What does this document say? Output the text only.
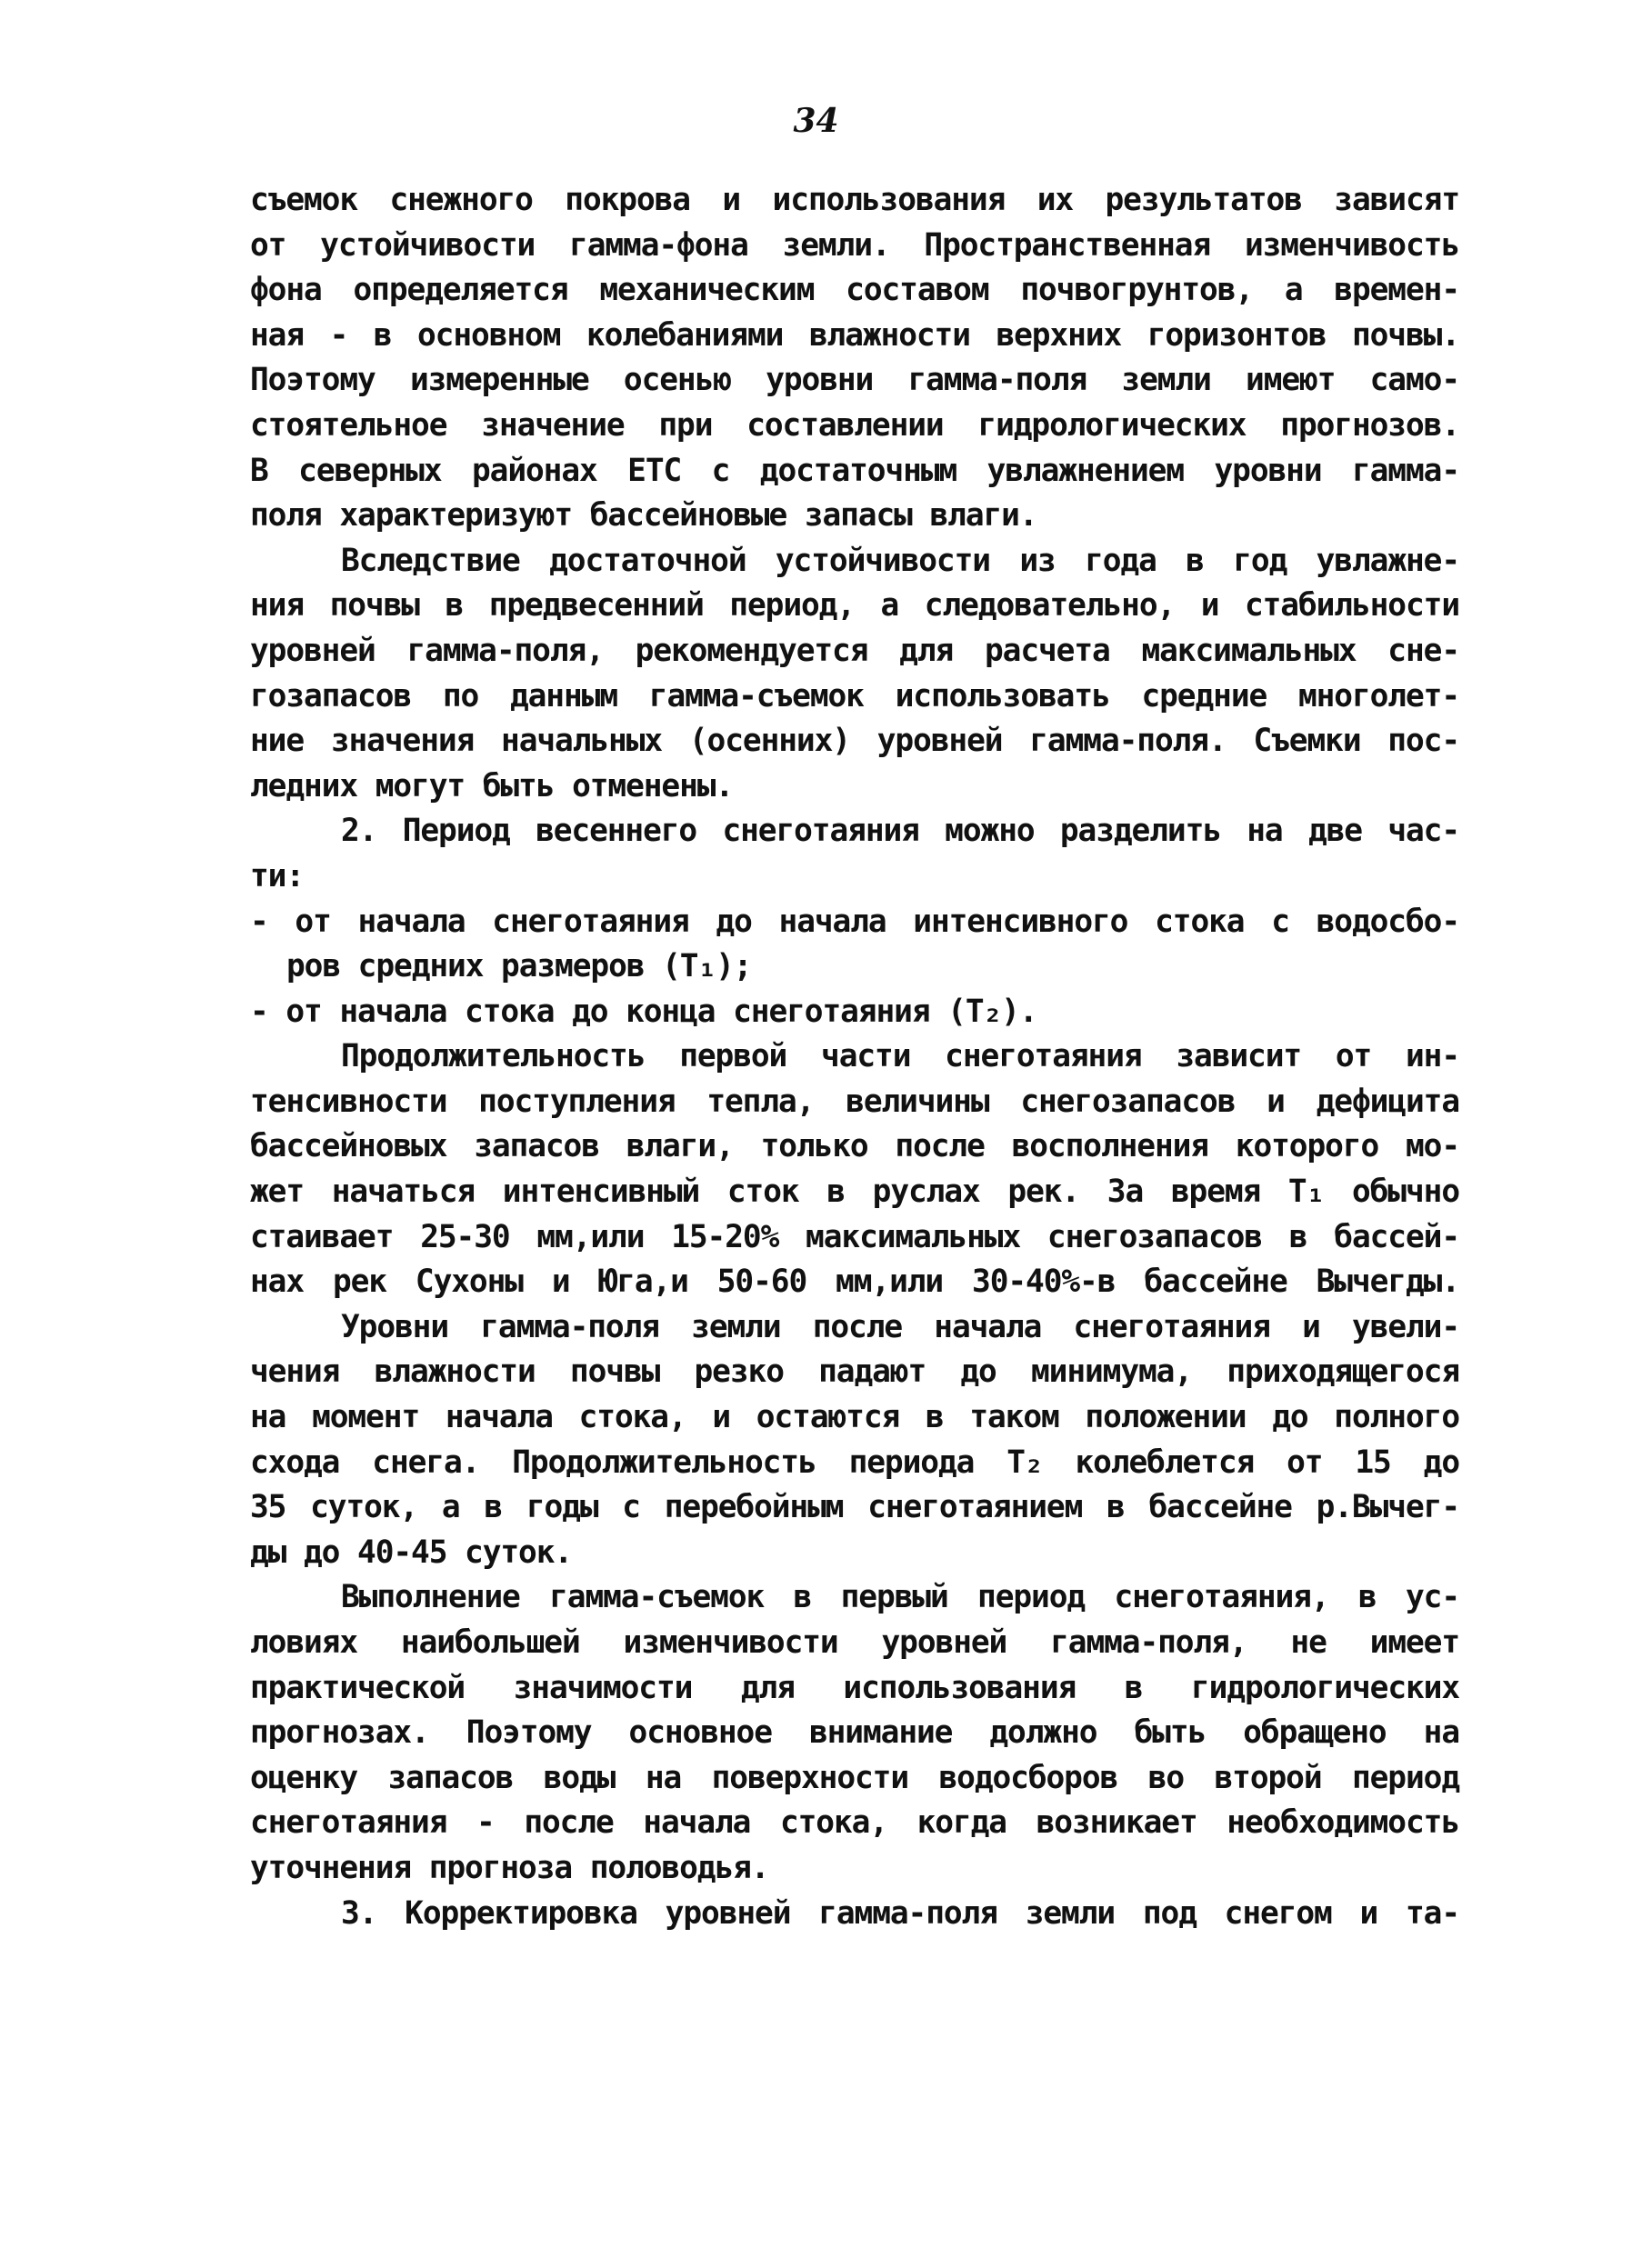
34
съемок снежного покрова и использования их результатов зависят
от устойчивости гамма-фона земли. Пространственная изменчивость
фона определяется механическим составом почвогрунтов, а времен-
ная - в основном колебаниями влажности верхних горизонтов почвы.
Поэтому измеренные осенью уровни гамма-поля земли имеют само-
стоятельное значение при составлении гидрологических прогнозов.
В северных районах ЕТС с достаточным увлажнением уровни гамма-
поля характеризуют бассейновые запасы влаги.
Вследствие достаточной устойчивости из года в год увлажне-
ния почвы в предвесенний период, а следовательно, и стабильности
уровней гамма-поля, рекомендуется для расчета максимальных сне-
гозапасов по данным гамма-съемок использовать средние многолет-
ние значения начальных (осенних) уровней гамма-поля. Съемки пос-
ледних могут быть отменены.
2. Период весеннего снеготаяния можно разделить на две час-
ти:
- от начала снеготаяния до начала интенсивного стока с водосбо-
ров средних размеров (T₁);
- от начала стока до конца снеготаяния (T₂).
Продолжительность первой части снеготаяния зависит от ин-
тенсивности поступления тепла, величины снегозапасов и дефицита
бассейновых запасов влаги, только после восполнения которого мо-
жет начаться интенсивный сток в руслах рек. За время T₁ обычно
стаивает 25-30 мм,или 15-20% максимальных снегозапасов в бассей-
нах рек Сухоны и Юга,и 50-60 мм,или 30-40%-в бассейне Вычегды.
Уровни гамма-поля земли после начала снеготаяния и увели-
чения влажности почвы резко падают до минимума, приходящегося
на момент начала стока, и остаются в таком положении до полного
схода снега. Продолжительность периода T₂ колеблется от 15 до
35 суток, а в годы с перебойным снеготаянием в бассейне р.Вычег-
ды до 40-45 суток.
Выполнение гамма-съемок в первый период снеготаяния, в ус-
ловиях наибольшей изменчивости уровней гамма-поля, не имеет
практической значимости для использования в гидрологических
прогнозах. Поэтому основное внимание должно быть обращено на
оценку запасов воды на поверхности водосборов во второй период
снеготаяния - после начала стока, когда возникает необходимость
уточнения прогноза половодья.
3. Корректировка уровней гамма-поля земли под снегом и та-
